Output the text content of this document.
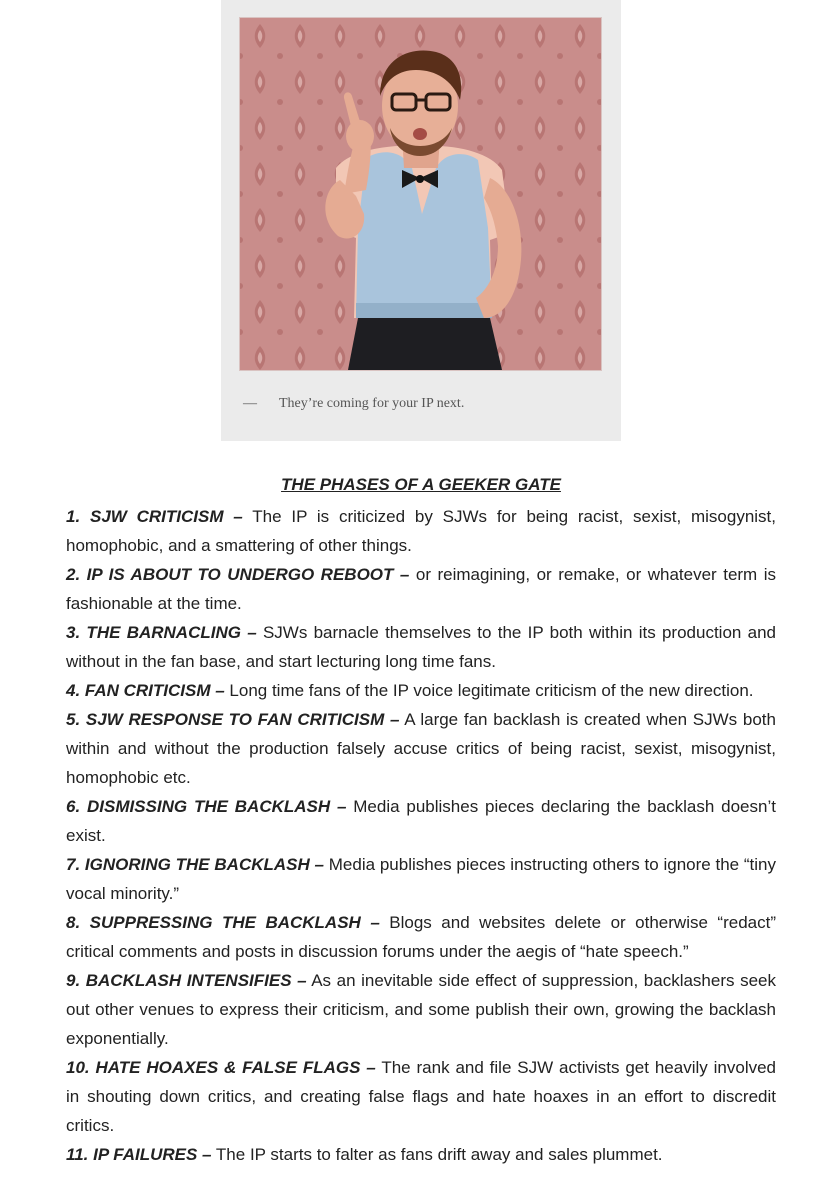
— They’re coming for your IP next.

THE PHASES OF A GEEKER GATE

1. SJW CRITICISM – The IP is criticized by SJWs for being racist, sexist, misogynist, homophobic, and a smattering of other things.

2. IP IS ABOUT TO UNDERGO REBOOT – or reimagining, or remake, or whatever term is fashionable at the time.

3. THE BARNACLING – SJWs barnacle themselves to the IP both within its production and without in the fan base, and start lecturing long time fans.

4. FAN CRITICISM – Long time fans of the IP voice legitimate criticism of the new direction.

5. SJW RESPONSE TO FAN CRITICISM – A large fan backlash is created when SJWs both within and without the production falsely accuse critics of being racist, sexist, misogynist, homophobic etc.

6. DISMISSING THE BACKLASH – Media publishes pieces declaring the backlash doesn’t exist.

7. IGNORING THE BACKLASH – Media publishes pieces instructing others to ignore the “tiny vocal minority.”

8. SUPPRESSING THE BACKLASH – Blogs and websites delete or otherwise “redact” critical comments and posts in discussion forums under the aegis of “hate speech.”

9. BACKLASH INTENSIFIES – As an inevitable side effect of suppression, backlashers seek out other venues to express their criticism, and some publish their own, growing the backlash exponentially.

10. HATE HOAXES & FALSE FLAGS – The rank and file SJW activists get heavily involved in shouting down critics, and creating false flags and hate hoaxes in an effort to discredit critics.

11. IP FAILURES – The IP starts to falter as fans drift away and sales plummet.
